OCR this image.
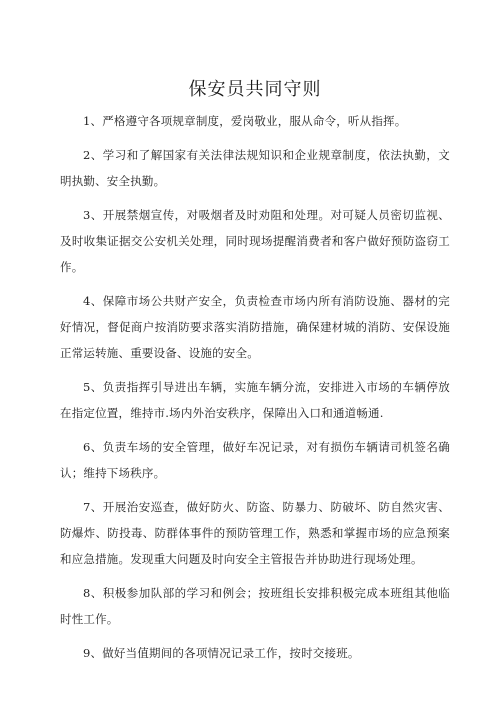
保安员共同守则

1、严格遵守各项规章制度，爱岗敬业，服从命令，听从指挥。

2、学习和了解国家有关法律法规知识和企业规章制度，依法执勤，文明执勤、安全执勤。

3、开展禁烟宣传，对吸烟者及时劝阻和处理。对可疑人员密切监视、及时收集证据交公安机关处理，同时现场提醒消费者和客户做好预防盗窃工作。

4、保障市场公共财产安全，负责检查市场内所有消防设施、器材的完好情况，督促商户按消防要求落实消防措施，确保建材城的消防、安保设施正常运转施、重要设备、设施的安全。

5、负责指挥引导进出车辆，实施车辆分流，安排进入市场的车辆停放在指定位置，维持市.场内外治安秩序，保障出入口和通道畅通.

6、负责车场的安全管理，做好车况记录，对有损伤车辆请司机签名确认；维持下场秩序。

7、开展治安巡查，做好防火、防盗、防暴力、防破坏、防自然灾害、防爆炸、防投毒、防群体事件的预防管理工作，熟悉和掌握市场的应急预案和应急措施。发现重大问题及时向安全主管报告并协助进行现场处理。

8、积极参加队部的学习和例会；按班组长安排积极完成本班组其他临时性工作。

9、做好当值期间的各项情况记录工作，按时交接班。
